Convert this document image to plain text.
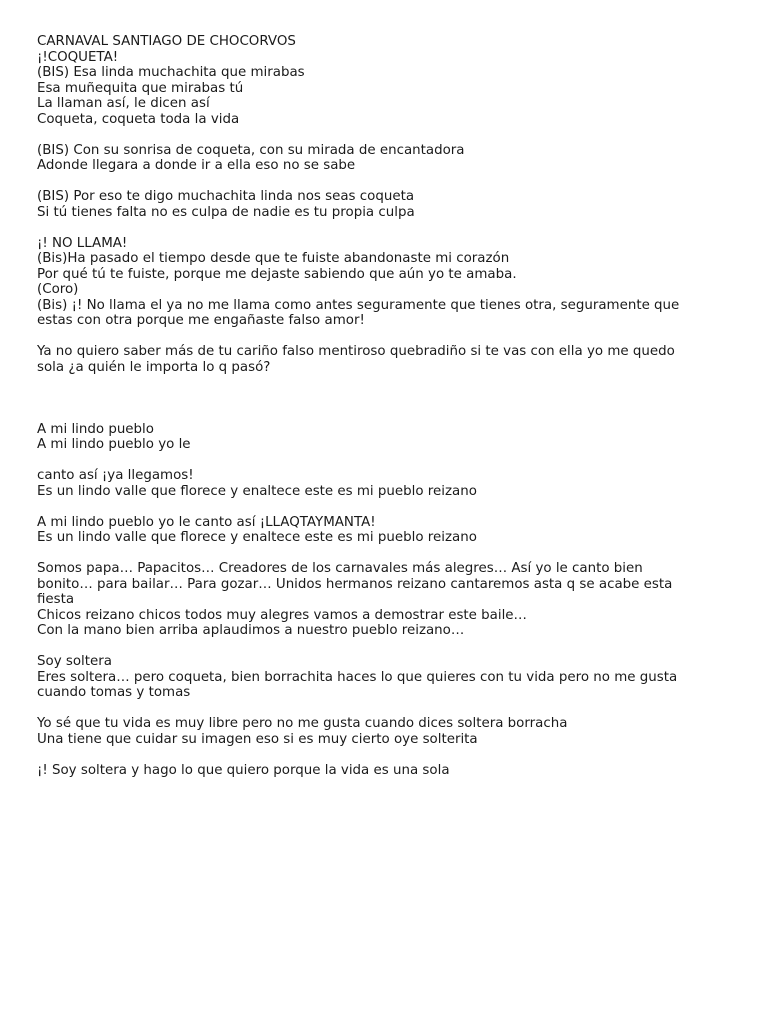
CARNAVAL SANTIAGO DE CHOCORVOS
¡!COQUETA!
(BIS) Esa linda muchachita que mirabas
Esa muñequita que mirabas tú
La llaman así, le dicen así
Coqueta, coqueta toda la vida
(BIS) Con su sonrisa de coqueta, con su mirada de encantadora
Adonde llegara a donde ir a ella eso no se sabe
(BIS) Por eso te digo muchachita linda nos seas coqueta
Si tú tienes falta no es culpa de nadie es tu propia culpa
¡! NO LLAMA!
(Bis)Ha pasado el tiempo desde que te fuiste abandonaste mi corazón
Por qué tú te fuiste, porque me dejaste sabiendo que aún yo te amaba.
(Coro)
(Bis) ¡! No llama el ya no me llama como antes seguramente que tienes otra, seguramente que
estas con otra porque me engañaste falso amor!
Ya no quiero saber más de tu cariño falso mentiroso quebradiño si te vas con ella yo me quedo
sola ¿a quién le importa lo q pasó?
A mi lindo pueblo
A mi lindo pueblo yo le
canto así ¡ya llegamos!
Es un lindo valle que florece y enaltece este es mi pueblo reizano
A mi lindo pueblo yo le canto así ¡LLAQTAYMANTA!
Es un lindo valle que florece y enaltece este es mi pueblo reizano
Somos papa… Papacitos… Creadores de los carnavales más alegres… Así yo le canto bien
bonito… para bailar… Para gozar… Unidos hermanos reizano cantaremos asta q se acabe esta
fiesta
Chicos reizano chicos todos muy alegres vamos a demostrar este baile…
Con la mano bien arriba aplaudimos a nuestro pueblo reizano…
Soy soltera
Eres soltera… pero coqueta, bien borrachita haces lo que quieres con tu vida pero no me gusta
cuando tomas y tomas
Yo sé que tu vida es muy libre pero no me gusta cuando dices soltera borracha
Una tiene que cuidar su imagen eso si es muy cierto oye solterita
¡! Soy soltera y hago lo que quiero porque la vida es una sola
